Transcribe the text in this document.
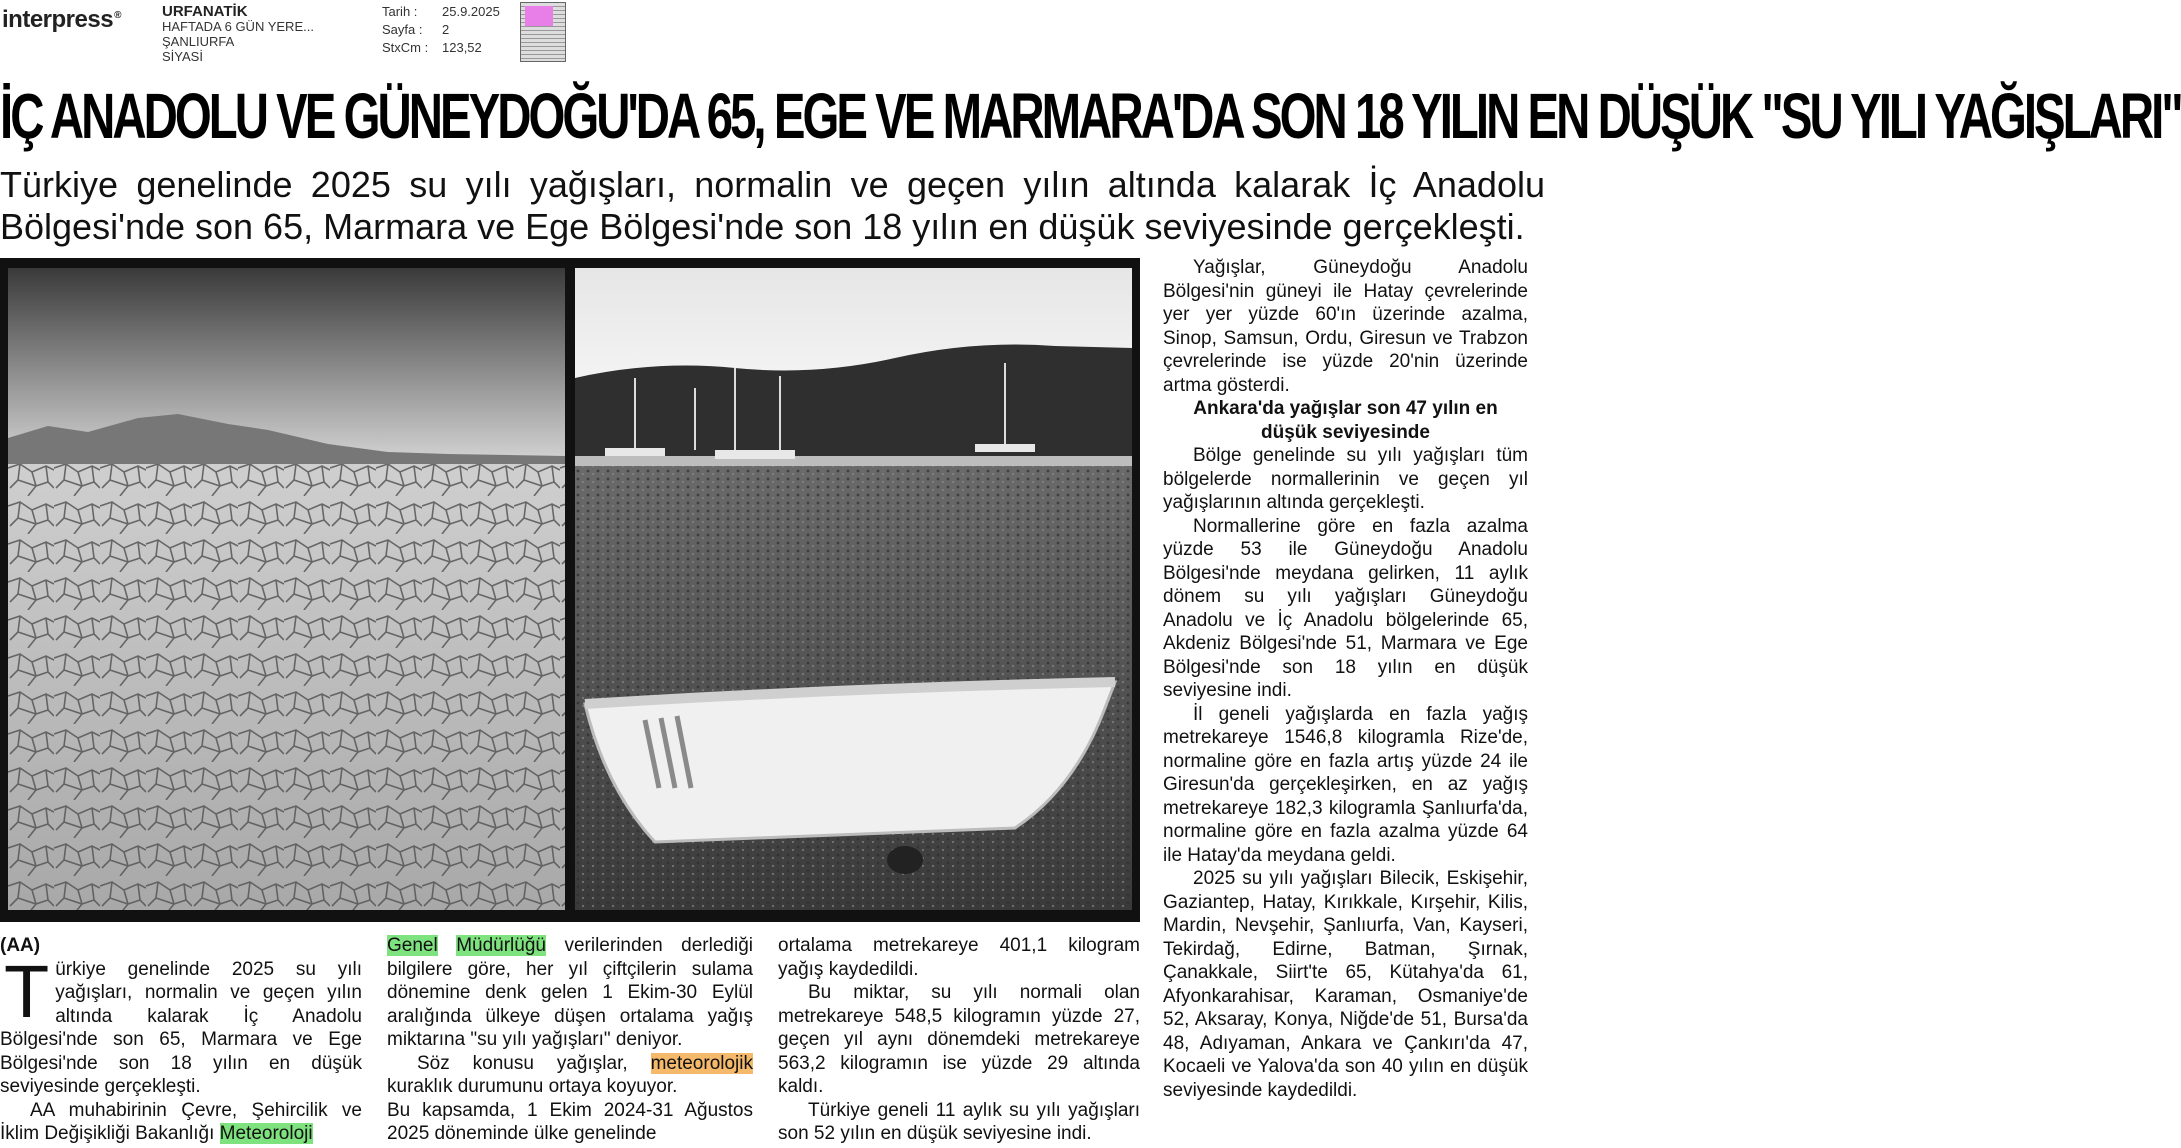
interpress®	URFANATİK
HAFTADA 6 GÜN YERE...
ŞANLIURFA
SİYASİ
Tarih :	25.9.2025
Sayfa :	2
StxCm :	123,52
İÇ ANADOLU VE GÜNEYDOĞU'DA 65, EGE VE MARMARA'DA SON 18 YILIN EN DÜŞÜK "SU YILI YAĞIŞLARI"
Türkiye genelinde 2025 su yılı yağışları, normalin ve geçen yılın altında kalarak İç Anadolu Bölgesi'nde son 65, Marmara ve Ege Bölgesi'nde son 18 yılın en düşük seviyesinde gerçekleşti.

(AA)

Türkiye genelinde 2025 su yılı yağışları, normalin ve geçen yılın altında kalarak İç Anadolu Bölgesi'nde son 65, Marmara ve Ege Bölgesi'nde son 18 yılın en düşük seviyesinde gerçekleşti.

AA muhabirinin Çevre, Şehircilik ve İklim Değişikliği Bakanlığı Meteoroloji

Genel Müdürlüğü verilerinden derlediği bilgilere göre, her yıl çiftçilerin sulama dönemine denk gelen 1 Ekim-30 Eylül aralığında ülkeye düşen ortalama yağış miktarına "su yılı yağışları" deniyor.

Söz konusu yağışlar, meteorolojik kuraklık durumunu ortaya koyuyor.

Bu kapsamda, 1 Ekim 2024-31 Ağustos 2025 döneminde ülke genelinde

ortalama metrekareye 401,1 kilogram yağış kaydedildi.

Bu miktar, su yılı normali olan metrekareye 548,5 kilogramın yüzde 27, geçen yıl aynı dönemdeki metrekareye 563,2 kilogramın ise yüzde 29 altında kaldı.

Türkiye geneli 11 aylık su yılı yağışları son 52 yılın en düşük seviyesine indi.

Yağışlar, Güneydoğu Anadolu Bölgesi'nin güneyi ile Hatay çevrelerinde yer yer yüzde 60'ın üzerinde azalma, Sinop, Samsun, Ordu, Giresun ve Trabzon çevrelerinde ise yüzde 20'nin üzerinde artma gösterdi.

Ankara'da yağışlar son 47 yılın en düşük seviyesinde

Bölge genelinde su yılı yağışları tüm bölgelerde normallerinin ve geçen yıl yağışlarının altında gerçekleşti.

Normallerine göre en fazla azalma yüzde 53 ile Güneydoğu Anadolu Bölgesi'nde meydana gelirken, 11 aylık dönem su yılı yağışları Güneydoğu Anadolu ve İç Anadolu bölgelerinde 65, Akdeniz Bölgesi'nde 51, Marmara ve Ege Bölgesi'nde son 18 yılın en düşük seviyesine indi.

İl geneli yağışlarda en fazla yağış metrekareye 1546,8 kilogramla Rize'de, normaline göre en fazla artış yüzde 24 ile Giresun'da gerçekleşirken, en az yağış metrekareye 182,3 kilogramla Şanlıurfa'da, normaline göre en fazla azalma yüzde 64 ile Hatay'da meydana geldi.

2025 su yılı yağışları Bilecik, Eskişehir, Gaziantep, Hatay, Kırıkkale, Kırşehir, Kilis, Mardin, Nevşehir, Şanlıurfa, Van, Kayseri, Tekirdağ, Edirne, Batman, Şırnak, Çanakkale, Siirt'te 65, Kütahya'da 61, Afyonkarahisar, Karaman, Osmaniye'de 52, Aksaray, Konya, Niğde'de 51, Bursa'da 48, Adıyaman, Ankara ve Çankırı'da 47, Kocaeli ve Yalova'da son 40 yılın en düşük seviyesinde kaydedildi.
